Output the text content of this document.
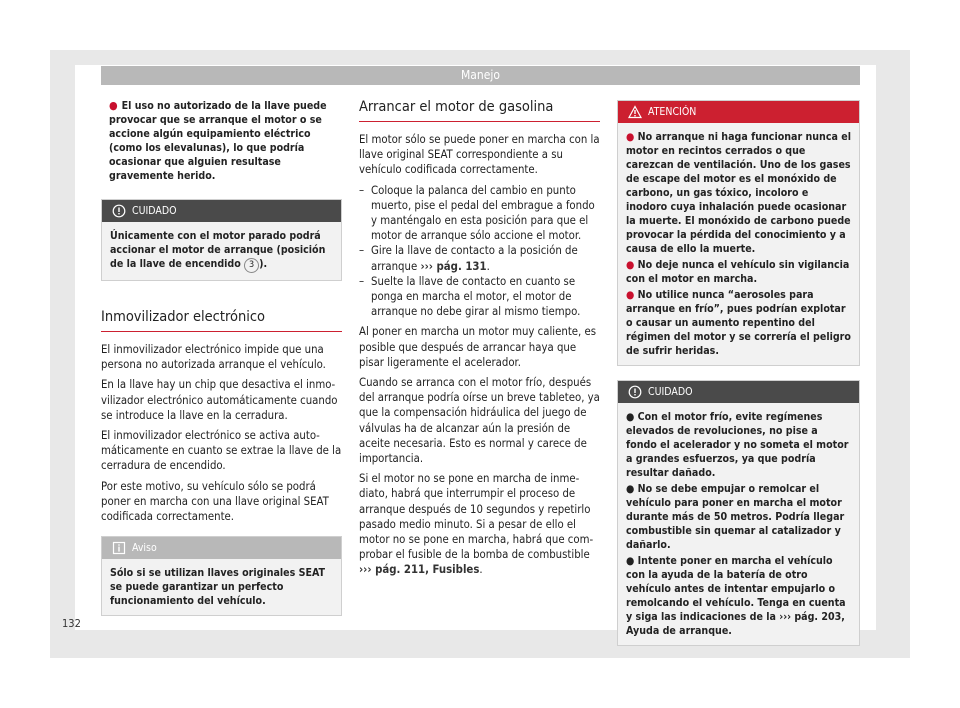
Manejo
● El uso no autorizado de la llave puede provocar que se arranque el motor o se accione algún equipamiento eléctrico (como los elevalunas), lo que podría ocasionar que alguien resultase gravemente herido.
CUIDADO
Únicamente con el motor parado podrá accionar el motor de arranque (posición de la llave de encendido 3 ).
Inmovilizador electrónico

El inmovilizador electrónico impide que una persona no autorizada arranque el vehículo.

En la llave hay un chip que desactiva el inmovilizador electrónico automáticamente cuando se introduce la llave en la cerradura.

El inmovilizador electrónico se activa automáticamente en cuanto se extrae la llave de la cerradura de encendido.

Por este motivo, su vehículo sólo se podrá poner en marcha con una llave original SEAT codificada correctamente.

Aviso
Sólo si se utilizan llaves originales SEAT se puede garantizar un perfecto funcionamiento del vehículo.
Arrancar el motor de gasolina

El motor sólo se puede poner en marcha con la llave original SEAT correspondiente a su vehículo codificada correctamente.

– Coloque la palanca del cambio en punto muerto, pise el pedal del embrague a fondo y manténgalo en esta posición para que el motor de arranque sólo accione el motor.
– Gire la llave de contacto a la posición de arranque ››› pág. 131.
– Suelte la llave de contacto en cuanto se ponga en marcha el motor, el motor de arranque no debe girar al mismo tiempo.

Al poner en marcha un motor muy caliente, es posible que después de arrancar haya que pisar ligeramente el acelerador.

Cuando se arranca con el motor frío, después del arranque podría oírse un breve tableteo, ya que la compensación hidráulica del juego de válvulas ha de alcanzar aún la presión de aceite necesaria. Esto es normal y carece de importancia.

Si el motor no se pone en marcha de inmediato, habrá que interrumpir el proceso de arranque después de 10 segundos y repetirlo pasado medio minuto. Si a pesar de ello el motor no se pone en marcha, habrá que comprobar el fusible de la bomba de combustible ››› pág. 211, Fusibles.

ATENCIÓN
● No arranque ni haga funcionar nunca el motor en recintos cerrados o que carezcan de ventilación. Uno de los gases de escape del motor es el monóxido de carbono, un gas tóxico, incoloro e inodoro cuya inhalación puede ocasionar la muerte. El monóxido de carbono puede provocar la pérdida del conocimiento y a causa de ello la muerte.
● No deje nunca el vehículo sin vigilancia con el motor en marcha.
● No utilice nunca “aerosoles para arranque en frío”, pues podrían explotar o causar un aumento repentino del régimen del motor y se correría el peligro de sufrir heridas.
CUIDADO
● Con el motor frío, evite regímenes elevados de revoluciones, no pise a fondo el acelerador y no someta el motor a grandes esfuerzos, ya que podría resultar dañado.
● No se debe empujar o remolcar el vehículo para poner en marcha el motor durante más de 50 metros. Podría llegar combustible sin quemar al catalizador y dañarlo.
● Intente poner en marcha el vehículo con la ayuda de la batería de otro vehículo antes de intentar empujarlo o remolcando el vehículo. Tenga en cuenta y siga las indicaciones de la ››› pág. 203, Ayuda de arranque.
132
